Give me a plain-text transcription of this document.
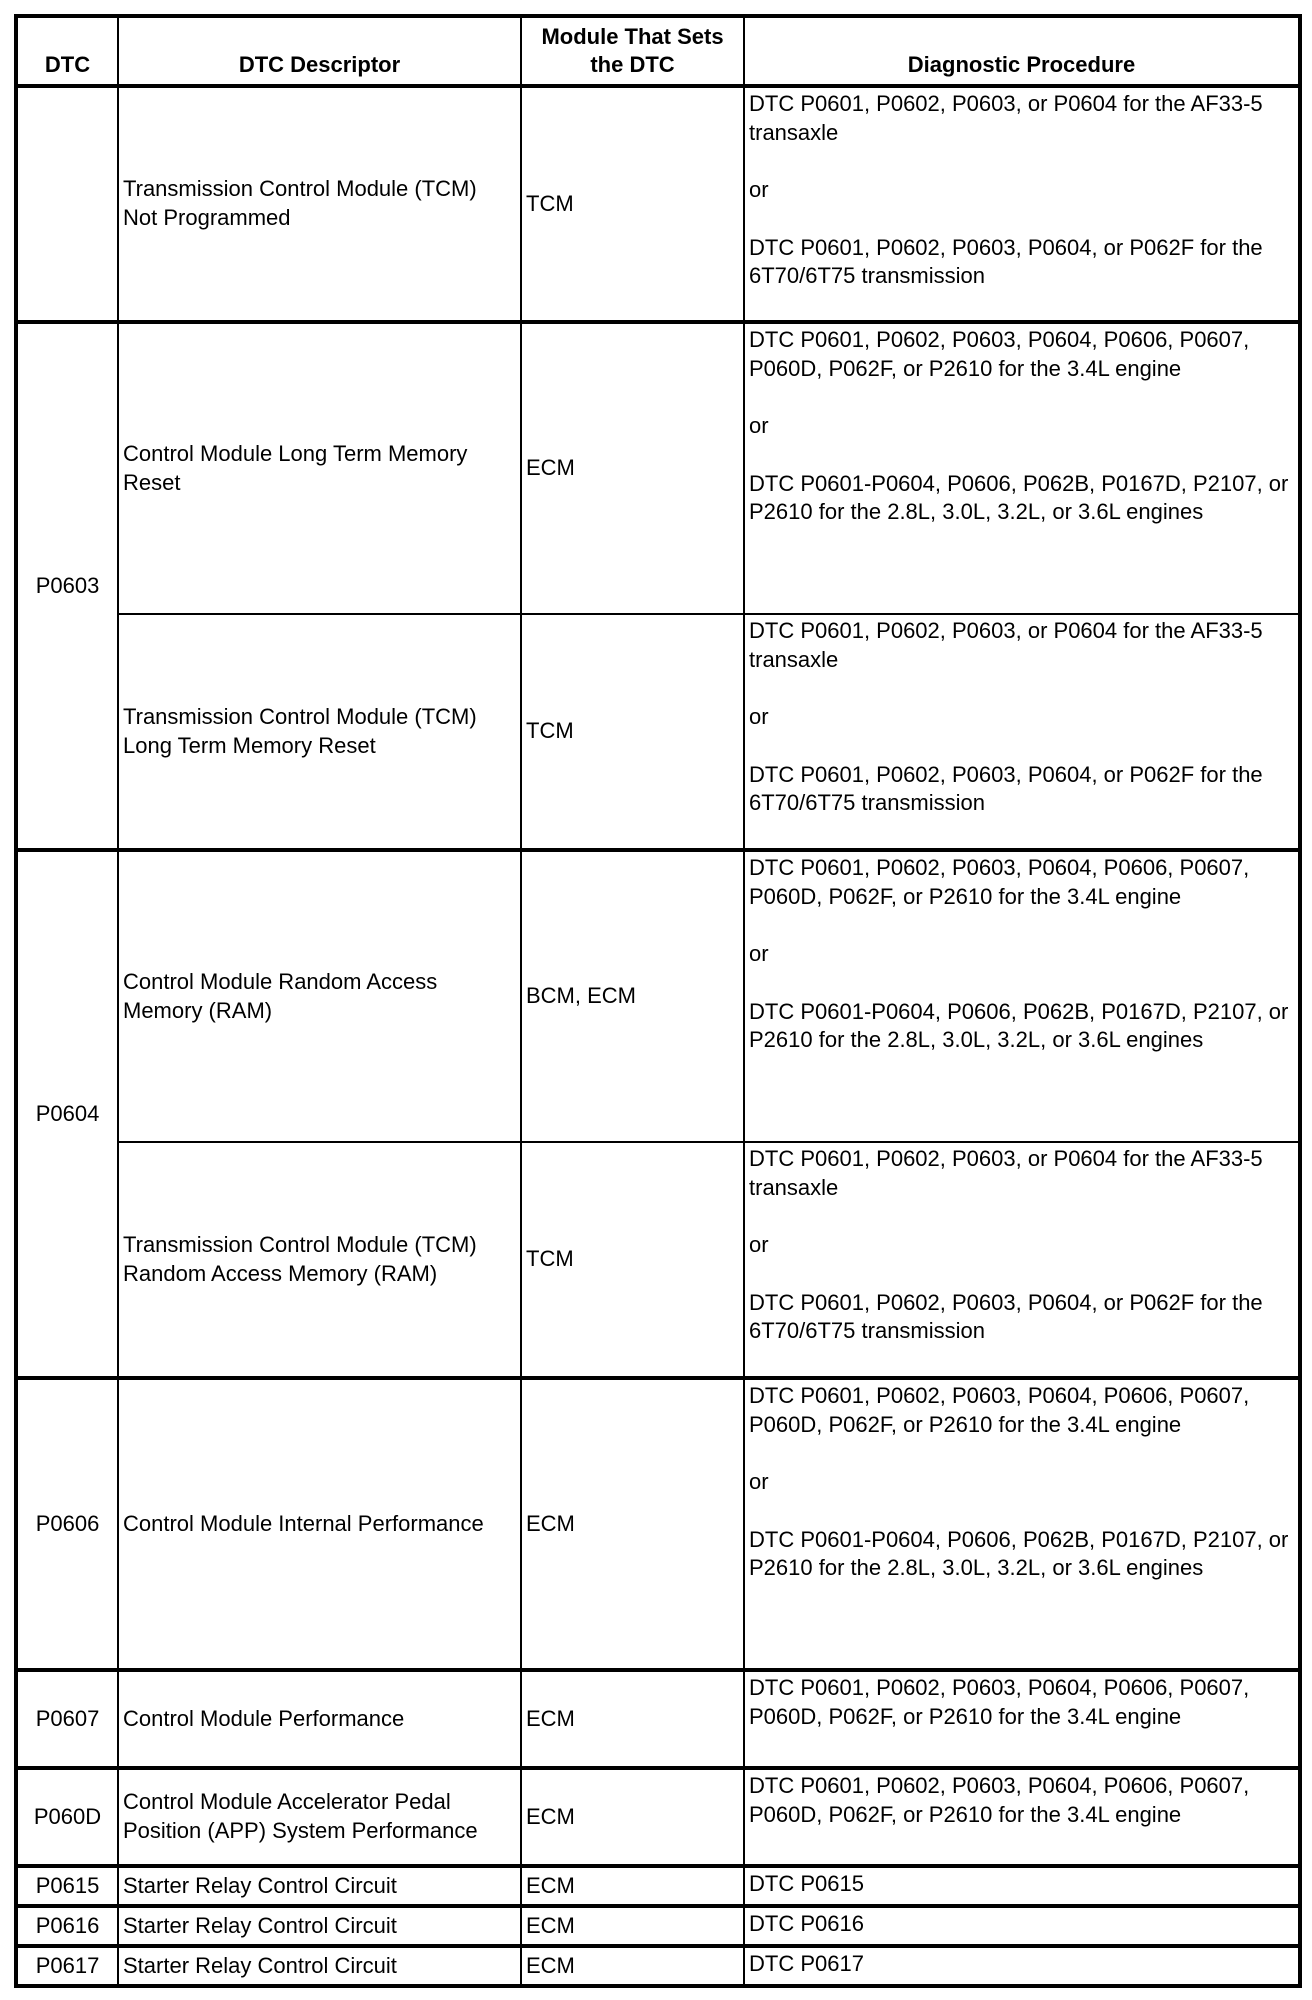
DTC	DTC Descriptor	Module That Sets the DTC	Diagnostic Procedure
	Transmission Control Module (TCM) Not Programmed	TCM	DTC P0601, P0602, P0603, or P0604 for the AF33-5 transaxle

or

DTC P0601, P0602, P0603, P0604, or P062F for the 6T70/6T75 transmission

P0603	Control Module Long Term Memory Reset	ECM	DTC P0601, P0602, P0603, P0604, P0606, P0607, P060D, P062F, or P2610 for the 3.4L engine

or

DTC P0601-P0604, P0606, P062B, P0167D, P2107, or P2610 for the 2.8L, 3.0L, 3.2L, or 3.6L engines

	Transmission Control Module (TCM) Long Term Memory Reset	TCM	DTC P0601, P0602, P0603, or P0604 for the AF33-5 transaxle

or

DTC P0601, P0602, P0603, P0604, or P062F for the 6T70/6T75 transmission

P0604	Control Module Random Access Memory (RAM)	BCM, ECM	DTC P0601, P0602, P0603, P0604, P0606, P0607, P060D, P062F, or P2610 for the 3.4L engine

or

DTC P0601-P0604, P0606, P062B, P0167D, P2107, or P2610 for the 2.8L, 3.0L, 3.2L, or 3.6L engines

	Transmission Control Module (TCM) Random Access Memory (RAM)	TCM	DTC P0601, P0602, P0603, or P0604 for the AF33-5 transaxle

or

DTC P0601, P0602, P0603, P0604, or P062F for the 6T70/6T75 transmission

P0606	Control Module Internal Performance	ECM	DTC P0601, P0602, P0603, P0604, P0606, P0607, P060D, P062F, or P2610 for the 3.4L engine

or

DTC P0601-P0604, P0606, P062B, P0167D, P2107, or P2610 for the 2.8L, 3.0L, 3.2L, or 3.6L engines

P0607	Control Module Performance	ECM	DTC P0601, P0602, P0603, P0604, P0606, P0607, P060D, P062F, or P2610 for the 3.4L engine

P060D	Control Module Accelerator Pedal Position (APP) System Performance	ECM	DTC P0601, P0602, P0603, P0604, P0606, P0607, P060D, P062F, or P2610 for the 3.4L engine

P0615	Starter Relay Control Circuit	ECM	DTC P0615
P0616	Starter Relay Control Circuit	ECM	DTC P0616
P0617	Starter Relay Control Circuit	ECM	DTC P0617
